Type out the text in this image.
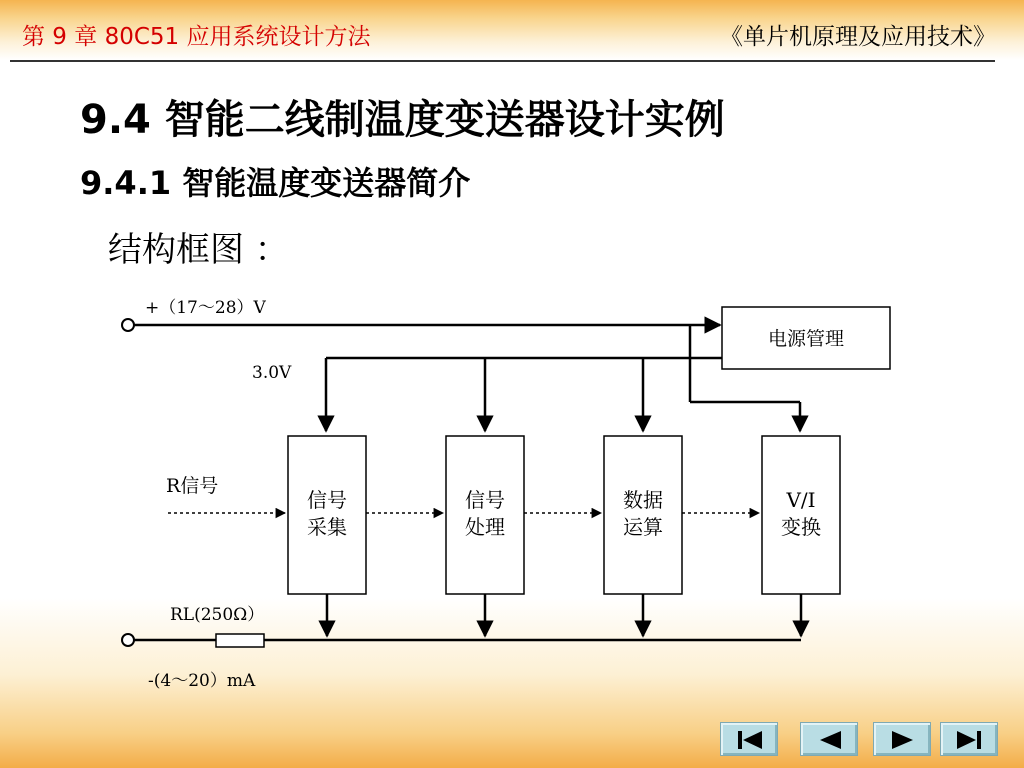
第 9 章 80C51 应用系统设计方法	《单片机原理及应用技术》
9.4 智能二线制温度变送器设计实例
9.4.1 智能温度变送器简介
结构框图 ：
+（17～28）V
电源管理
3.0V
信号
采集
信号
处理
数据
运算
V/I
变换
R信号
RL(250Ω）
-(4～20）mA
